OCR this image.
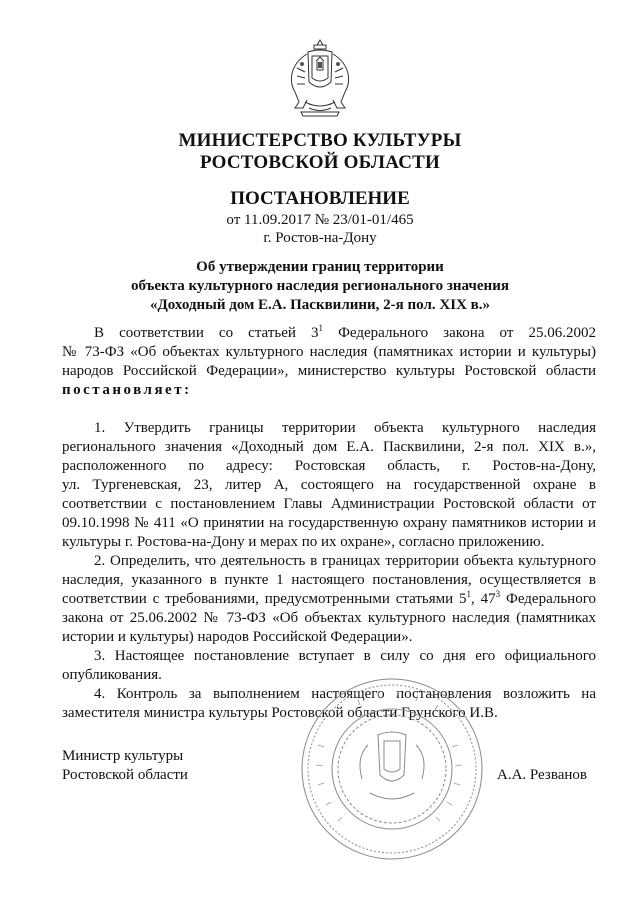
МИНИСТЕРСТВО КУЛЬТУРЫ
РОСТОВСКОЙ ОБЛАСТИ
ПОСТАНОВЛЕНИЕ
от 11.09.2017 № 23/01-01/465
г. Ростов-на-Дону
Об утверждении границ территории
объекта культурного наследия регионального значения
«Доходный дом Е.А. Пасквилини, 2-я пол. XIX в.»
В соответствии со статьей $3^1$ Федерального закона от 25.06.2002
№ 73-ФЗ «Об объектах культурного наследия (памятниках истории и культуры)
народов Российской Федерации», министерство культуры Ростовской области
постановляет:
1. Утвердить границы территории объекта культурного наследия
регионального значения «Доходный дом Е.А. Пасквилини, 2-я пол. XIX в.»,
расположенного по адресу: Ростовская область, г. Ростов-на-Дону,
ул. Тургеневская, 23, литер А, состоящего на государственной охране в
соответствии с постановлением Главы Администрации Ростовской области от
09.10.1998 № 411 «О принятии на государственную охрану памятников истории и
культуры г. Ростова-на-Дону и мерах по их охране», согласно приложению.
2. Определить, что деятельность в границах территории объекта культурного
наследия, указанного в пункте 1 настоящего постановления, осуществляется в
соответствии с требованиями, предусмотренными статьями $5^1$, $47^3$ Федерального
закона от 25.06.2002 № 73-ФЗ «Об объектах культурного наследия (памятниках
истории и культуры) народов Российской Федерации».
3. Настоящее постановление вступает в силу со дня его официального
опубликования.
4. Контроль за выполнением настоящего постановления возложить на
заместителя министра культуры Ростовской области Грунского И.В.
Министр культуры
Ростовской области	А.А. Резванов
